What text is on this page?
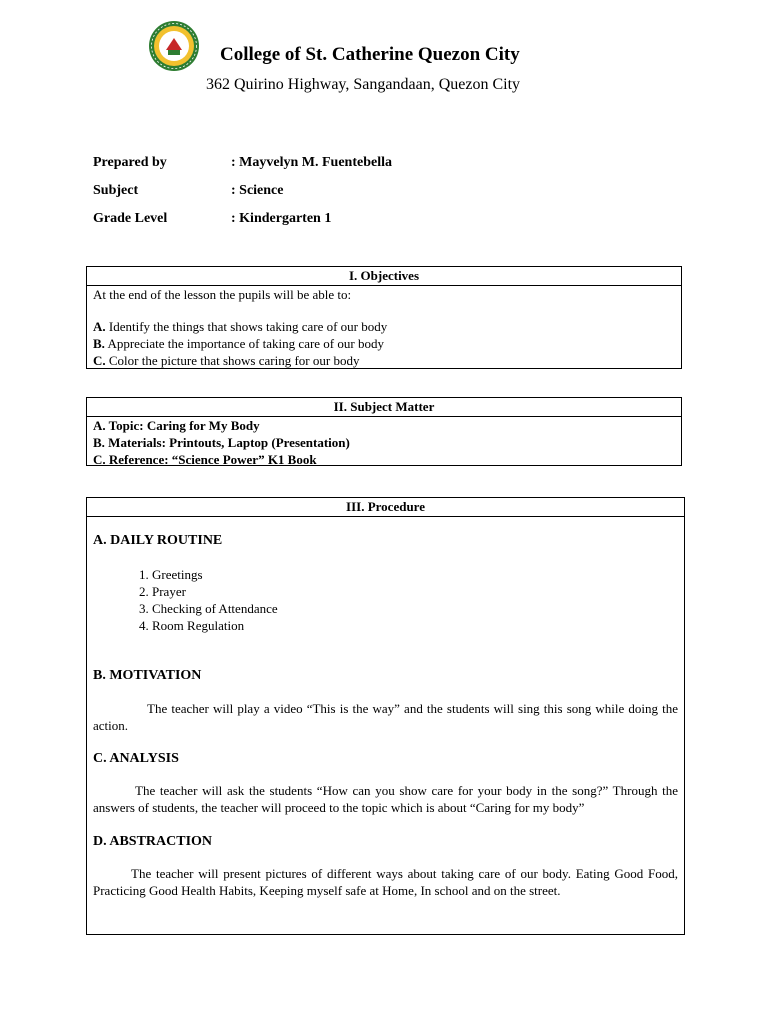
College of St. Catherine Quezon City
362 Quirino Highway, Sangandaan, Quezon City
Prepared by	: Mayvelyn M. Fuentebella
Subject	: Science
Grade Level	: Kindergarten 1
I. Objectives
At the end of the lesson the pupils will be able to:
A. Identify the things that shows taking care of our body
B. Appreciate the importance of taking care of our body
C. Color the picture that shows caring for our body
II. Subject Matter
A. Topic: Caring for My Body
B. Materials: Printouts, Laptop (Presentation)
C. Reference: “Science Power” K1 Book
III. Procedure
A. DAILY ROUTINE
1. Greetings
2. Prayer
3. Checking of Attendance
4. Room Regulation
B. MOTIVATION
The teacher will play a video “This is the way” and the students will sing this song while doing the action.
C. ANALYSIS
The teacher will ask the students “How can you show care for your body in the song?” Through the answers of students, the teacher will proceed to the topic which is about “Caring for my body”
D. ABSTRACTION
The teacher will present pictures of different ways about taking care of our body. Eating Good Food, Practicing Good Health Habits, Keeping myself safe at Home, In school and on the street.
